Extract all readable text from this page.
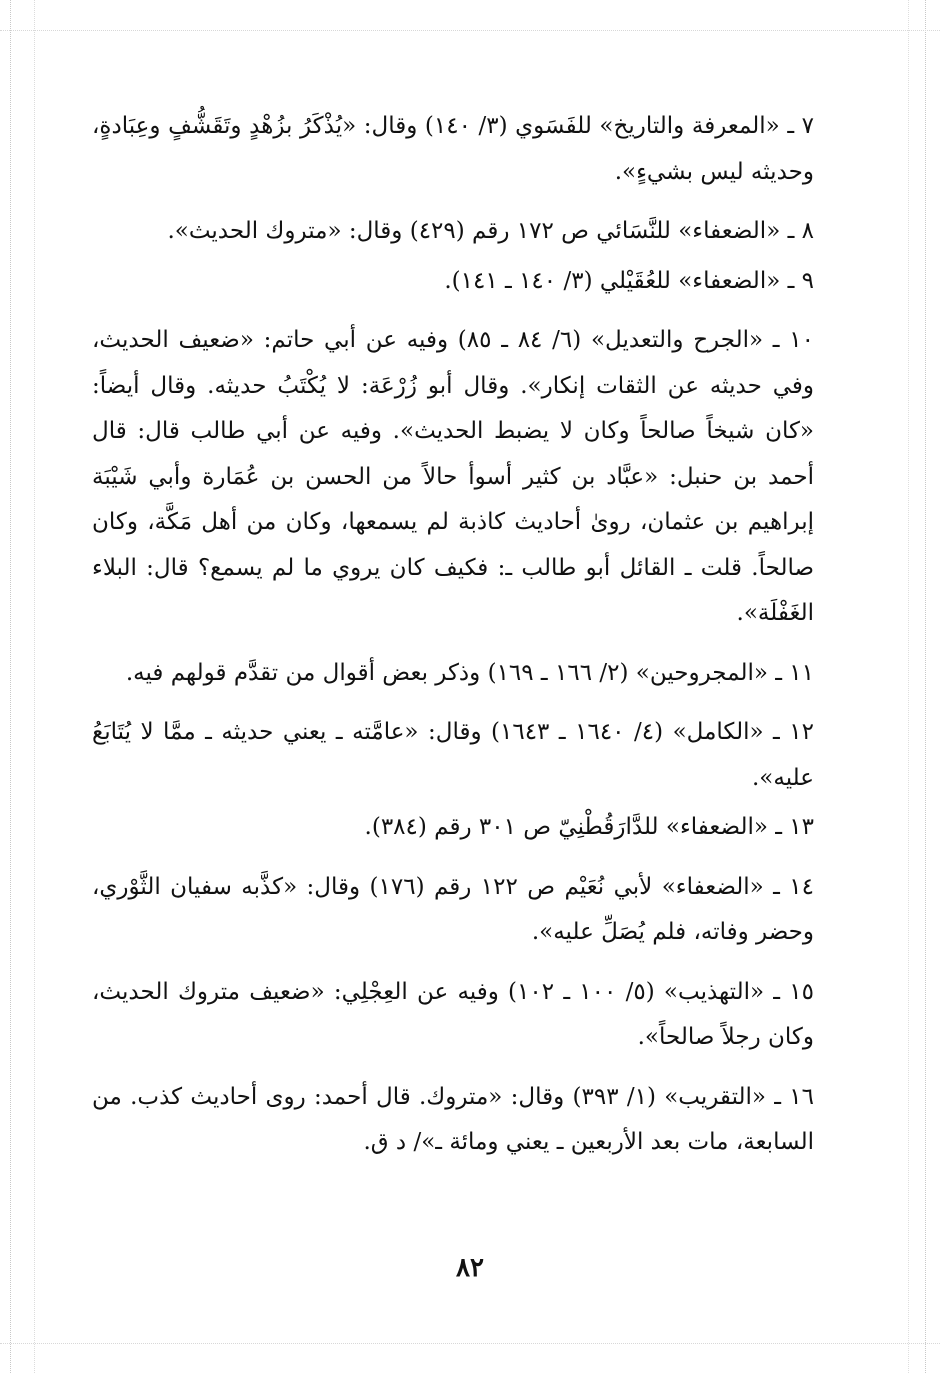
٧ ـ «المعرفة والتاريخ» للفَسَوي (٣/ ١٤٠) وقال: «يُذْكَرُ بزُهْدٍ وتَقَشُّفٍ وعِبَادةٍ، وحديثه ليس بشيءٍ».

٨ ـ «الضعفاء» للنَّسَائي ص ١٧٢ رقم (٤٢٩) وقال: «متروك الحديث».

٩ ـ «الضعفاء» للعُقَيْلي (٣/ ١٤٠ ـ ١٤١).

١٠ ـ «الجرح والتعديل» (٦/ ٨٤ ـ ٨٥) وفيه عن أبي حاتم: «ضعيف الحديث، وفي حديثه عن الثقات إنكار». وقال أبو زُرْعَة: لا يُكْتَبُ حديثه. وقال أيضاً: «كان شيخاً صالحاً وكان لا يضبط الحديث». وفيه عن أبي طالب قال: قال أحمد بن حنبل: «عبَّاد بن كثير أسوأ حالاً من الحسن بن عُمَارة وأبي شَيْبَة إبراهيم بن عثمان، روىٰ أحاديث كاذبة لم يسمعها، وكان من أهل مَكَّة، وكان صالحاً. قلت ـ القائل أبو طالب ـ: فكيف كان يروي ما لم يسمع؟ قال: البلاء الغَفْلَة».

١١ ـ «المجروحين» (٢/ ١٦٦ ـ ١٦٩) وذكر بعض أقوال من تقدَّم قولهم فيه.

١٢ ـ «الكامل» (٤/ ١٦٤٠ ـ ١٦٤٣) وقال: «عامَّته ـ يعني حديثه ـ ممَّا لا يُتَابَعُ عليه».

١٣ ـ «الضعفاء» للدَّارَقُطْنِيّ ص ٣٠١ رقم (٣٨٤).

١٤ ـ «الضعفاء» لأبي نُعَيْم ص ١٢٢ رقم (١٧٦) وقال: «كذَّبه سفيان الثَّوْري، وحضر وفاته، فلم يُصَلِّ عليه».

١٥ ـ «التهذيب» (٥/ ١٠٠ ـ ١٠٢) وفيه عن العِجْلِي: «ضعيف متروك الحديث، وكان رجلاً صالحاً».

١٦ ـ «التقريب» (١/ ٣٩٣) وقال: «متروك. قال أحمد: روى أحاديث كذب. من السابعة، مات بعد الأربعين ـ يعني ومائة ـ»/ د ق.

٨٢
